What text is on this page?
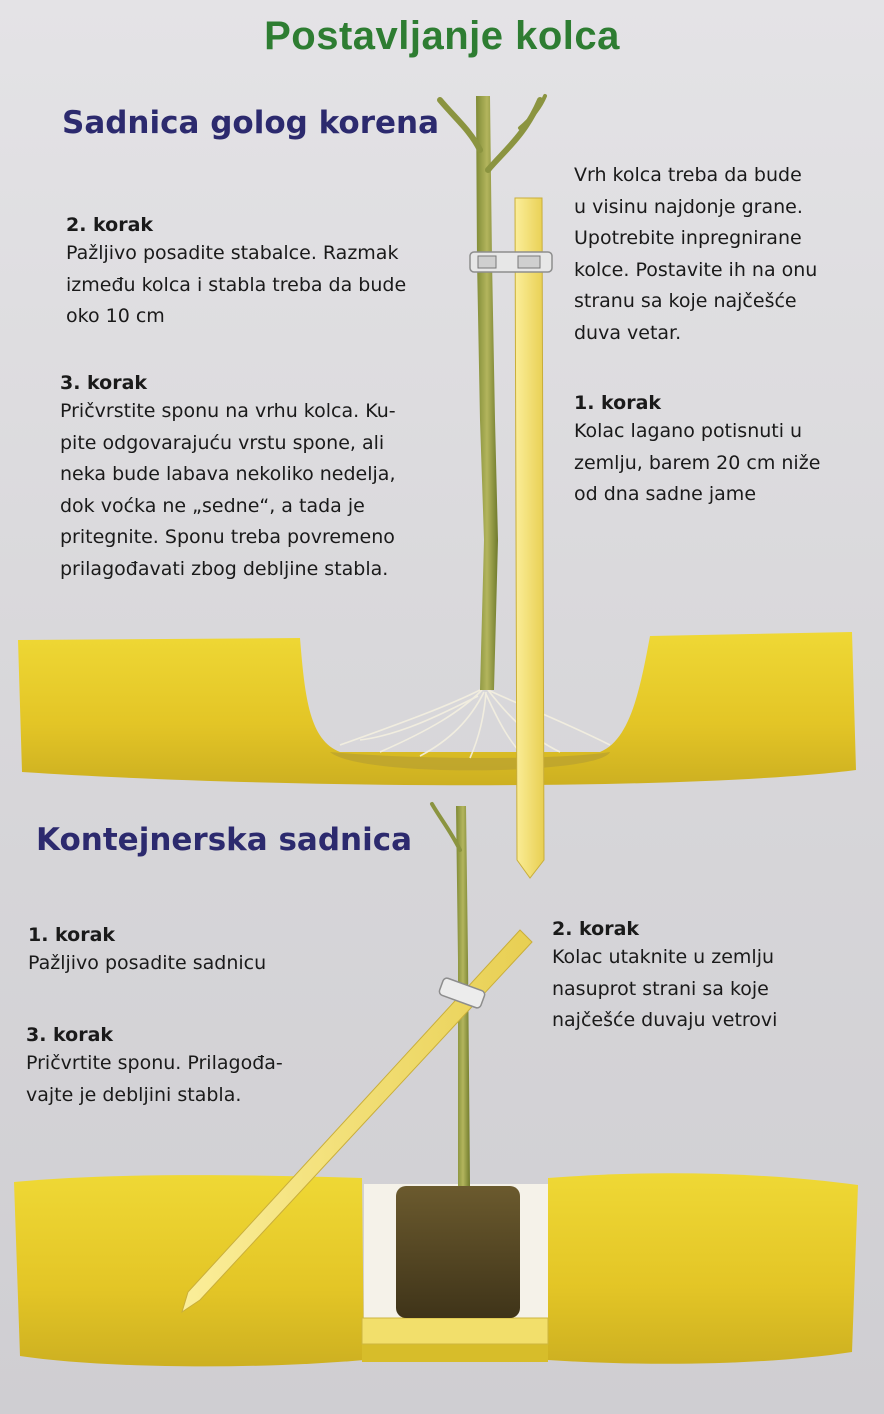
Postavljanje kolca
Sadnica golog korena

2. korak

Pažljivo posadite stabalce. Razmak
između kolca i stabla treba da bude
oko 10 cm

3. korak

Pričvrstite sponu na vrhu kolca. Ku-
pite odgovarajuću vrstu spone, ali
neka bude labava nekoliko nedelja,
dok voćka ne „sedne“, a tada je
pritegnite. Sponu treba povremeno
prilagođavati zbog debljine stabla.

Vrh kolca treba da bude
u visinu najdonje grane.
Upotrebite inpregnirane
kolce. Postavite ih na onu
stranu sa koje najčešće
duva vetar.

1. korak

Kolac lagano potisnuti u
zemlju, barem 20 cm niže
od dna sadne jame

Kontejnerska sadnica

1. korak

Pažljivo posadite sadnicu

3. korak

Pričvrtite sponu. Prilagođa-
vajte je debljini stabla.

2. korak

Kolac utaknite u zemlju
nasuprot strani sa koje
najčešće duvaju vetrovi
